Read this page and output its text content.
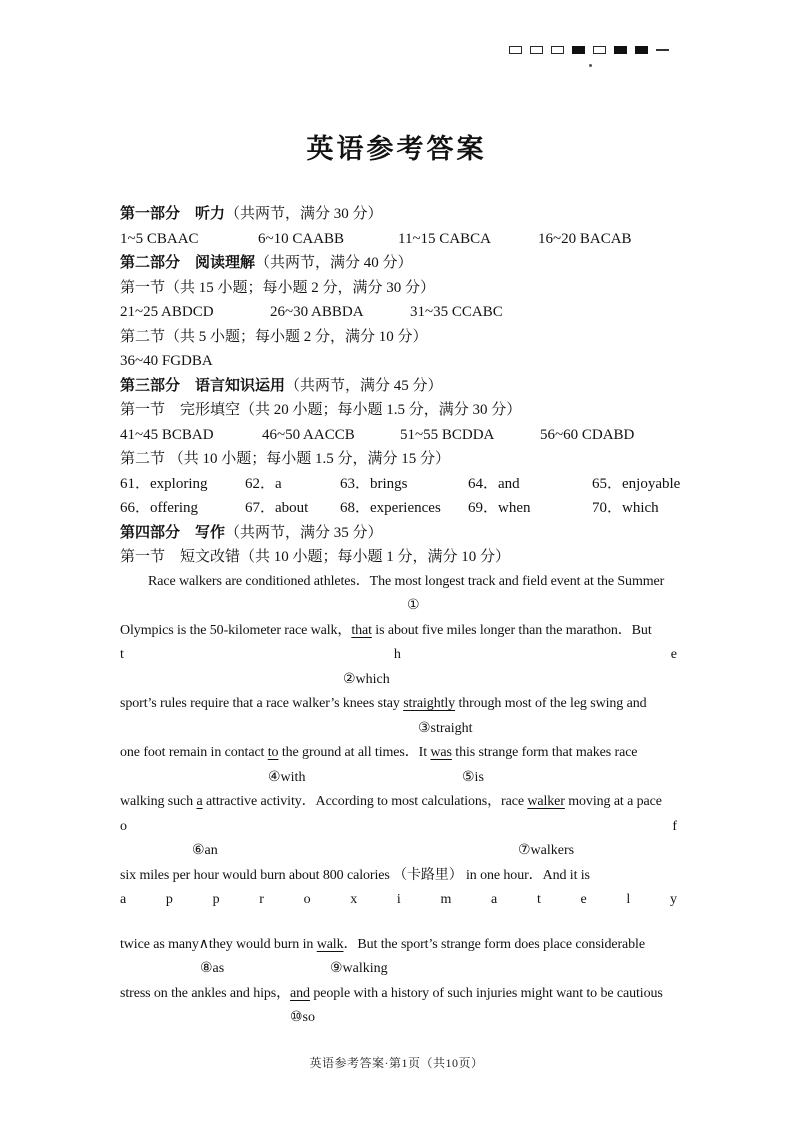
英语参考答案
第一部分　听力（共两节，满分 30 分）
1~5 CBAAC	6~10 CAABB	11~15 CABCA	16~20 BACAB
第二部分　阅读理解（共两节，满分 40 分）
第一节（共 15 小题；每小题 2 分，满分 30 分）
21~25 ABDCD	26~30 ABBDA	31~35 CCABC
第二节（共 5 小题；每小题 2 分，满分 10 分）
36~40 FGDBA
第三部分　语言知识运用（共两节，满分 45 分）
第一节　完形填空（共 20 小题；每小题 1.5 分，满分 30 分）
41~45 BCBAD	46~50 AACCB	51~55 BCDDA	56~60 CDABD
第二节 （共 10 小题；每小题 1.5 分，满分 15 分）
61．exploring	62．a	63．brings	64．and	65．enjoyable
66．offering	67．about 68．experiences 69．when	70．which
第四部分　写作（共两节，满分 35 分）
第一节　短文改错（共 10 小题；每小题 1 分，满分 10 分）
Race walkers are conditioned athletes．The most longest track and field event at the Summer
①
Olympics is the 50-kilometer race walk，that is about five miles longer than the marathon．But
t	h	e
②which
sport’s rules require that a race walker’s knees stay straightly through most of the leg swing and
③straight
one foot remain in contact to the ground at all times．It was this strange form that makes race
④with	⑤is
walking such a attractive activity．According to most calculations，race walker moving at a pace
o	f
⑥an	⑦walkers
six miles per hour would burn about 800 calories （卡路里） in one hour．And it is
a	p	p	r	o	x	i	m	a	t	e	l	y
twice as many∧they would burn in walk．But the sport’s strange form does place considerable
⑧as	⑨walking
stress on the ankles and hips，and people with a history of such injuries might want to be cautious
⑩so
英语参考答案·第1页（共10页）
